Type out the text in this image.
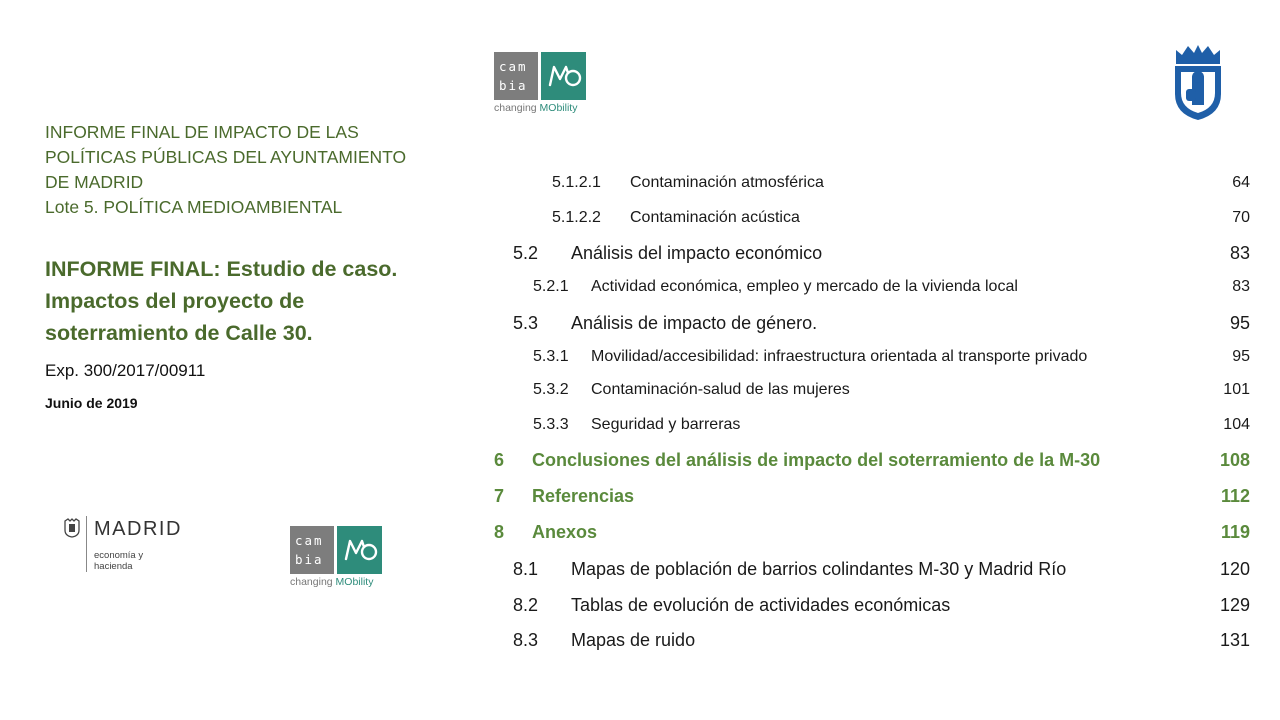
INFORME FINAL DE IMPACTO DE LAS
POLÍTICAS PÚBLICAS DEL AYUNTAMIENTO
DE MADRID
Lote 5. POLÍTICA MEDIOAMBIENTAL
INFORME FINAL: Estudio de caso.
Impactos del proyecto de
soterramiento de Calle 30.
Exp. 300/2017/00911
Junio de 2019
MADRID
economía y
hacienda
cam
bia
changing MObility
cam
bia
changing MObility
5.1.2.1 Contaminación atmosférica	64
5.1.2.2 Contaminación acústica	70
5.2 Análisis del impacto económico	83
5.2.1 Actividad económica, empleo y mercado de la vivienda local	83
5.3 Análisis de impacto de género.	95
5.3.1 Movilidad/accesibilidad: infraestructura orientada al transporte privado	95
5.3.2 Contaminación-salud de las mujeres	101
5.3.3 Seguridad y barreras	104
6 Conclusiones del análisis de impacto del soterramiento de la M-30	108
7 Referencias	112
8 Anexos	119
8.1 Mapas de población de barrios colindantes M-30 y Madrid Río	120
8.2 Tablas de evolución de actividades económicas	129
8.3 Mapas de ruido	131
